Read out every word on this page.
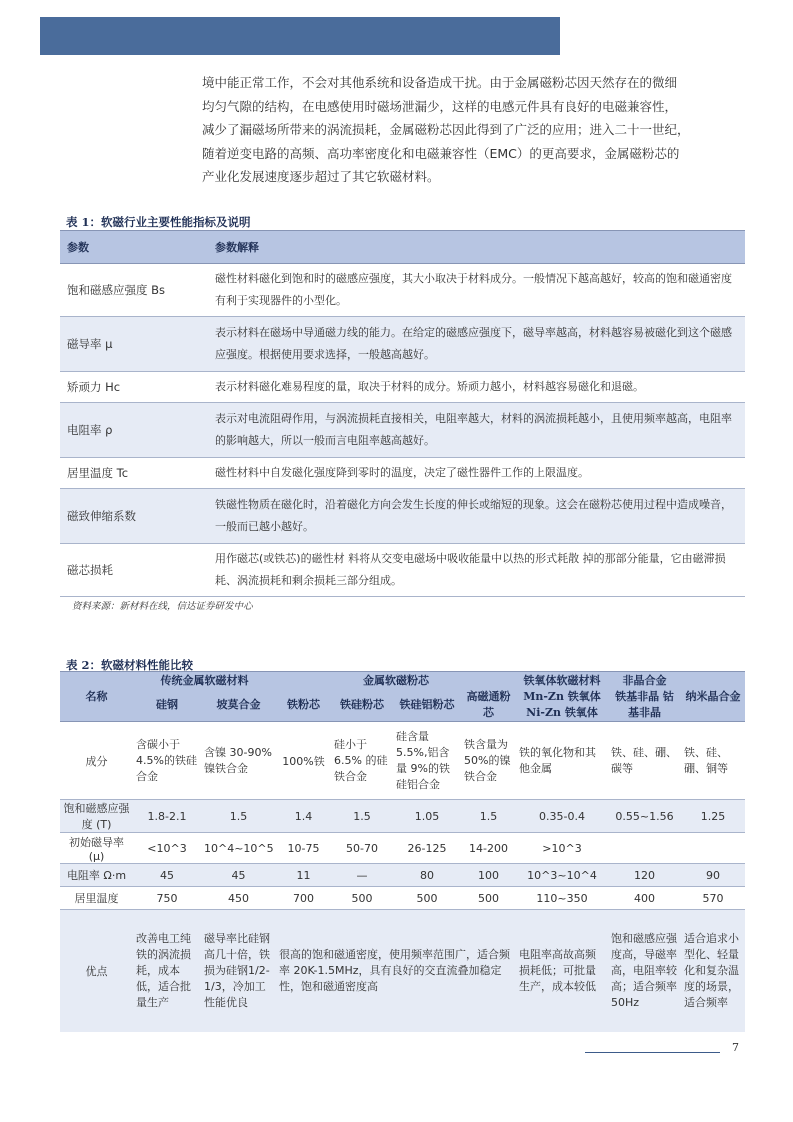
境中能正常工作，不会对其他系统和设备造成干扰。由于金属磁粉芯因天然存在的微细
均匀气隙的结构，在电感使用时磁场泄漏少，这样的电感元件具有良好的电磁兼容性，
减少了漏磁场所带来的涡流损耗，金属磁粉芯因此得到了广泛的应用；进入二十一世纪，
随着逆变电路的高频、高功率密度化和电磁兼容性（EMC）的更高要求，金属磁粉芯的
产业化发展速度逐步超过了其它软磁材料。
表 1：软磁行业主要性能指标及说明
参数	参数解释
饱和磁感应强度 Bs	磁性材料磁化到饱和时的磁感应强度，其大小取决于材料成分。一般情况下越高越好，较高的饱和磁通密度有利于实现器件的小型化。
磁导率 μ	表示材料在磁场中导通磁力线的能力。在给定的磁感应强度下，磁导率越高，材料越容易被磁化到这个磁感应强度。根据使用要求选择，一般越高越好。
矫顽力 Hc	表示材料磁化难易程度的量，取决于材料的成分。矫顽力越小，材料越容易磁化和退磁。
电阻率 ρ	表示对电流阻碍作用，与涡流损耗直接相关，电阻率越大，材料的涡流损耗越小，且使用频率越高，电阻率的影响越大，所以一般而言电阻率越高越好。
居里温度 Tc	磁性材料中自发磁化强度降到零时的温度，决定了磁性器件工作的上限温度。
磁致伸缩系数	铁磁性物质在磁化时，沿着磁化方向会发生长度的伸长或缩短的现象。这会在磁粉芯使用过程中造成噪音，一般而已越小越好。
磁芯损耗	用作磁芯(或铁芯)的磁性材 料将从交变电磁场中吸收能量中以热的形式耗散 掉的那部分能量，它由磁滞损耗、涡流损耗和剩余损耗三部分组成。
资料来源：新材料在线，信达证券研发中心
表 2：软磁材料性能比较
名称	传统金属软磁材料		金属软磁粉芯				铁氧体软磁材料	非晶合金	纳米晶合金
	硅钢	坡莫合金	铁粉芯	铁硅粉芯	铁硅铝粉芯	高磁通粉芯	Mn-Zn 铁氧体 Ni-Zn 铁氧体	铁基非晶 钴基非晶	
成分	含碳小于4.5%的铁硅合金	含镍 30-90%镍铁合金	100%铁	硅小于6.5% 的硅铁合金	硅含量5.5%,铝含量 9%的铁硅铝合金	铁含量为 50%的镍铁合金	铁的氧化物和其他金属	铁、硅、硼、碳等	铁、硅、硼、铜等
饱和磁感应强度 (T)	1.8-2.1	1.5	1.4	1.5	1.05	1.5	0.35-0.4	0.55~1.56	1.25
初始磁导率(μ)	<10^3	10^4~10^5	10-75	50-70	26-125	14-200	>10^3		
电阻率 Ω·m	45	45	11	—	80	100	10^3~10^4	120	90
居里温度	750	450	700	500	500	500	110~350	400	570
优点	改善电工纯铁的涡流损耗，成本低，适合批量生产	磁导率比硅钢高几十倍，铁损为硅钢1/2-1/3，冷加工性能优良	很高的饱和磁通密度，使用频率范围广，适合频率 20K-1.5MHz，具有良好的交直流叠加稳定性，饱和磁通密度高				电阻率高故高频损耗低；可批量生产，成本较低	饱和磁感应强度高，导磁率高，电阻率较高；适合频率50Hz	适合追求小型化、轻量化和复杂温度的场景，适合频率
7
